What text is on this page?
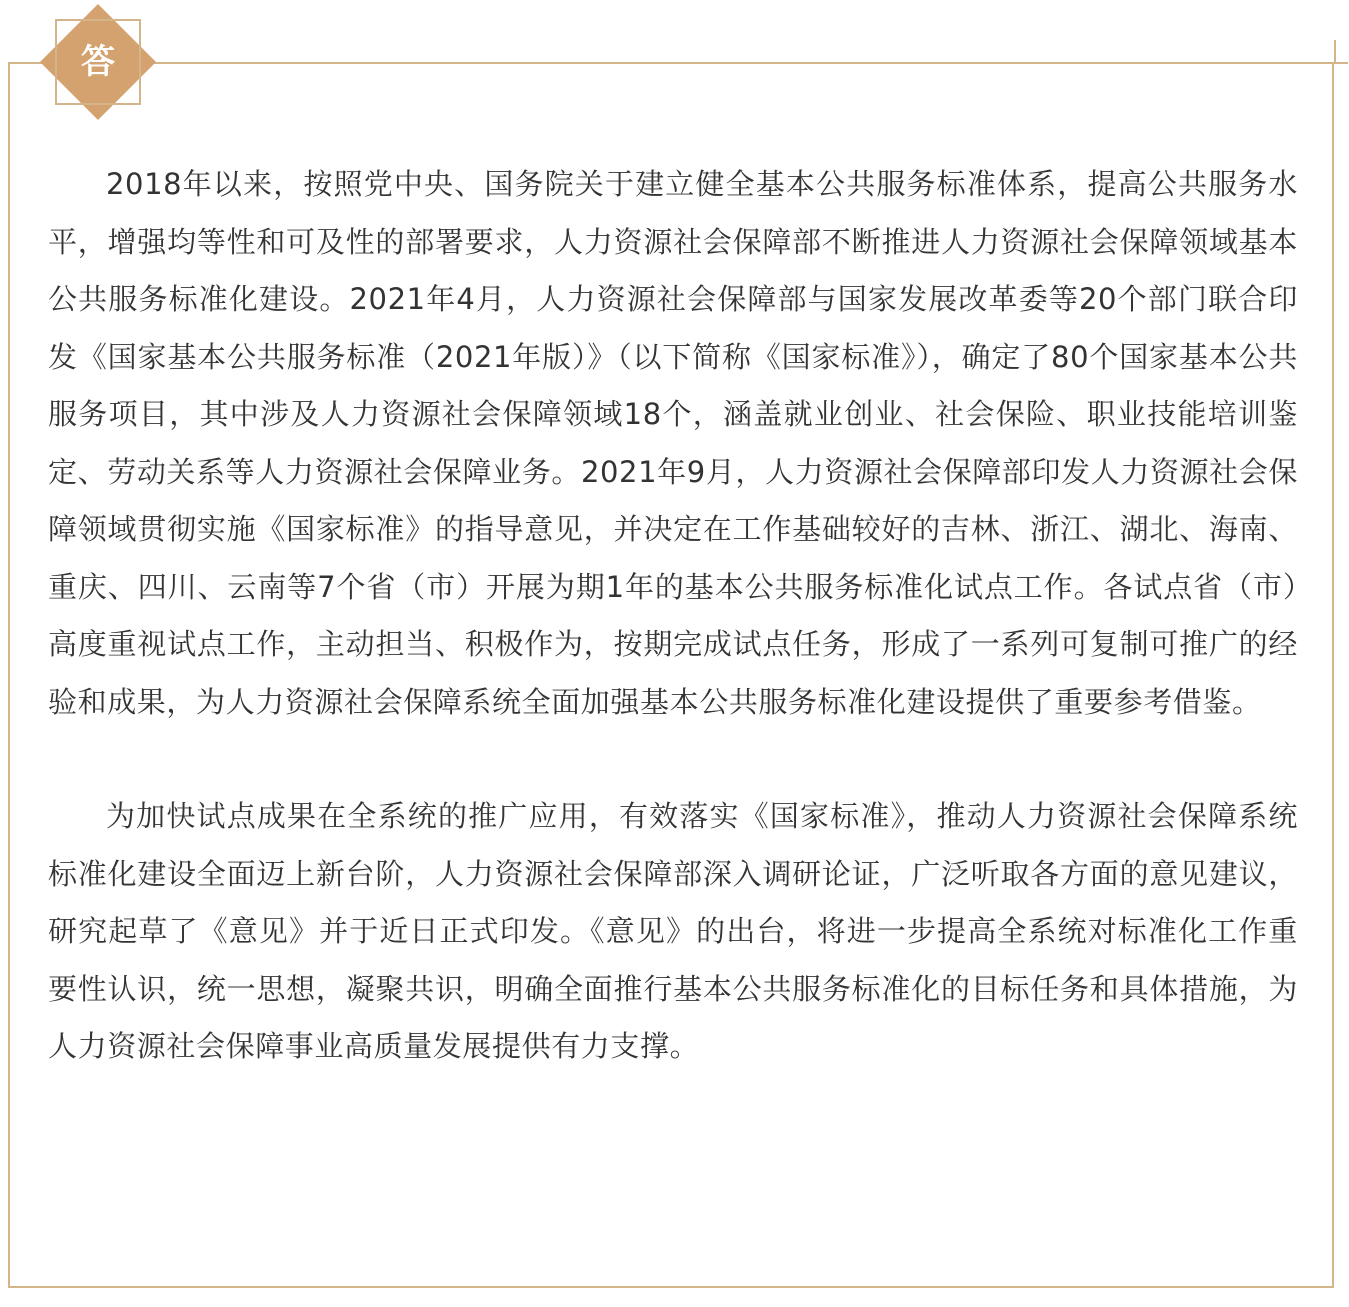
答

2018年以来，按照党中央、国务院关于建立健全基本公共服务标准体系，提高公共服务水平，增强均等性和可及性的部署要求，人力资源社会保障部不断推进人力资源社会保障领域基本公共服务标准化建设。2021年4月，人力资源社会保障部与国家发展改革委等20个部门联合印发《国家基本公共服务标准（2021年版）》（以下简称《国家标准》），确定了80个国家基本公共服务项目，其中涉及人力资源社会保障领域18个，涵盖就业创业、社会保险、职业技能培训鉴定、劳动关系等人力资源社会保障业务。2021年9月，人力资源社会保障部印发人力资源社会保障领域贯彻实施《国家标准》的指导意见，并决定在工作基础较好的吉林、浙江、湖北、海南、重庆、四川、云南等7个省（市）开展为期1年的基本公共服务标准化试点工作。各试点省（市）高度重视试点工作，主动担当、积极作为，按期完成试点任务，形成了一系列可复制可推广的经验和成果，为人力资源社会保障系统全面加强基本公共服务标准化建设提供了重要参考借鉴。

为加快试点成果在全系统的推广应用，有效落实《国家标准》，推动人力资源社会保障系统标准化建设全面迈上新台阶，人力资源社会保障部深入调研论证，广泛听取各方面的意见建议，研究起草了《意见》并于近日正式印发。《意见》的出台，将进一步提高全系统对标准化工作重要性认识，统一思想，凝聚共识，明确全面推行基本公共服务标准化的目标任务和具体措施，为人力资源社会保障事业高质量发展提供有力支撑。
